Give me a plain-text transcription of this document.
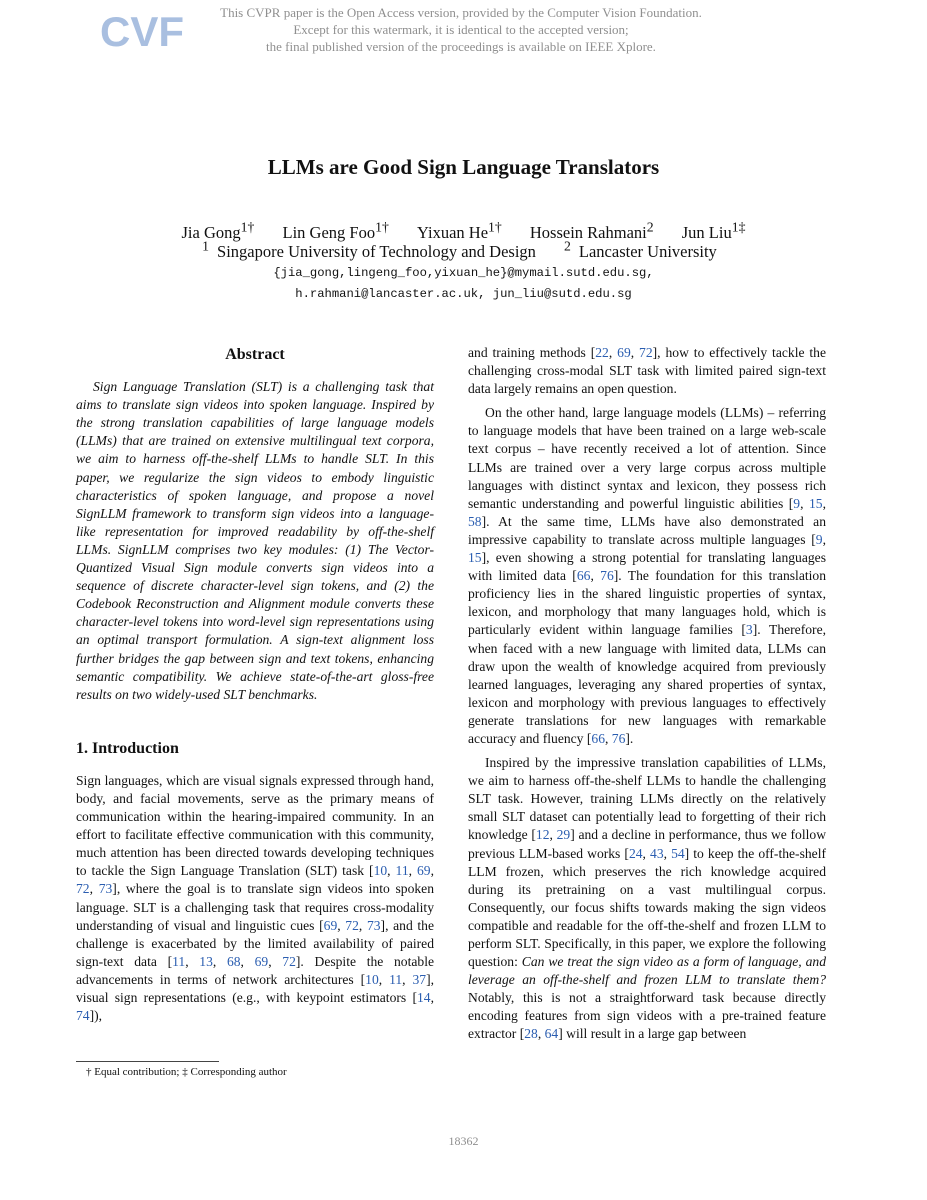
CVF	This CVPR paper is the Open Access version, provided by the Computer Vision Foundation.
Except for this watermark, it is identical to the accepted version;
the final published version of the proceedings is available on IEEE Xplore.
LLMs are Good Sign Language Translators
Jia Gong$^{1\dagger}$ Lin Geng Foo$^{1\dagger}$ Yixuan $He^{1\dagger}$ Hossein Rahmani$^2$ Jun Liu$^{1\ddagger}$
$^1$ Singapore University of Technology and Design $^2$ Lancaster University
{jia_gong,lingeng_foo,yixuan_he}@mymail.sutd.edu.sg,
h.rahmani@lancaster.ac.uk, jun_liu@sutd.edu.sg
Abstract

Sign Language Translation (SLT) is a challenging task that aims to translate sign videos into spoken language. Inspired by the strong translation capabilities of large language models (LLMs) that are trained on extensive multilingual text corpora, we aim to harness off-the-shelf LLMs to handle SLT. In this paper, we regularize the sign videos to embody linguistic characteristics of spoken language, and propose a novel SignLLM framework to transform sign videos into a language-like representation for improved readability by off-the-shelf LLMs. SignLLM comprises two key modules: (1) The Vector-Quantized Visual Sign module converts sign videos into a sequence of discrete character-level sign tokens, and (2) the Codebook Reconstruction and Alignment module converts these character-level tokens into word-level sign representations using an optimal transport formulation. A sign-text alignment loss further bridges the gap between sign and text tokens, enhancing semantic compatibility. We achieve state-of-the-art gloss-free results on two widely-used SLT benchmarks.

1. Introduction

Sign languages, which are visual signals expressed through hand, body, and facial movements, serve as the primary means of communication within the hearing-impaired community. In an effort to facilitate effective communication with this community, much attention has been directed towards developing techniques to tackle the Sign Language Translation (SLT) task [10, 11, 69, 72, 73], where the goal is to translate sign videos into spoken language. SLT is a challenging task that requires cross-modality understanding of visual and linguistic cues [69, 72, 73], and the challenge is exacerbated by the limited availability of paired sign-text data [11, 13, 68, 69, 72]. Despite the notable advancements in terms of network architectures [10, 11, 37], visual sign representations (e.g., with keypoint estimators [14, 74]),

and training methods [22, 69, 72], how to effectively tackle the challenging cross-modal SLT task with limited paired sign-text data largely remains an open question.

On the other hand, large language models (LLMs) – referring to language models that have been trained on a large web-scale text corpus – have recently received a lot of attention. Since LLMs are trained over a very large corpus across multiple languages with distinct syntax and lexicon, they possess rich semantic understanding and powerful linguistic abilities [9, 15, 58]. At the same time, LLMs have also demonstrated an impressive capability to translate across multiple languages [9, 15], even showing a strong potential for translating languages with limited data [66, 76]. The foundation for this translation proficiency lies in the shared linguistic properties of syntax, lexicon, and morphology that many languages hold, which is particularly evident within language families [3]. Therefore, when faced with a new language with limited data, LLMs can draw upon the wealth of knowledge acquired from previously learned languages, leveraging any shared properties of syntax, lexicon and morphology with previous languages to effectively generate translations for new languages with remarkable accuracy and fluency [66, 76].

Inspired by the impressive translation capabilities of LLMs, we aim to harness off-the-shelf LLMs to handle the challenging SLT task. However, training LLMs directly on the relatively small SLT dataset can potentially lead to forgetting of their rich knowledge [12, 29] and a decline in performance, thus we follow previous LLM-based works [24, 43, 54] to keep the off-the-shelf LLM frozen, which preserves the rich knowledge acquired during its pretraining on a vast multilingual corpus. Consequently, our focus shifts towards making the sign videos compatible and readable for the off-the-shelf and frozen LLM to perform SLT. Specifically, in this paper, we explore the following question: Can we treat the sign video as a form of language, and leverage an off-the-shelf and frozen LLM to translate them? Notably, this is not a straightforward task because directly encoding features from sign videos with a pre-trained feature extractor [28, 64] will result in a large gap between

† Equal contribution; ‡ Corresponding author
18362
